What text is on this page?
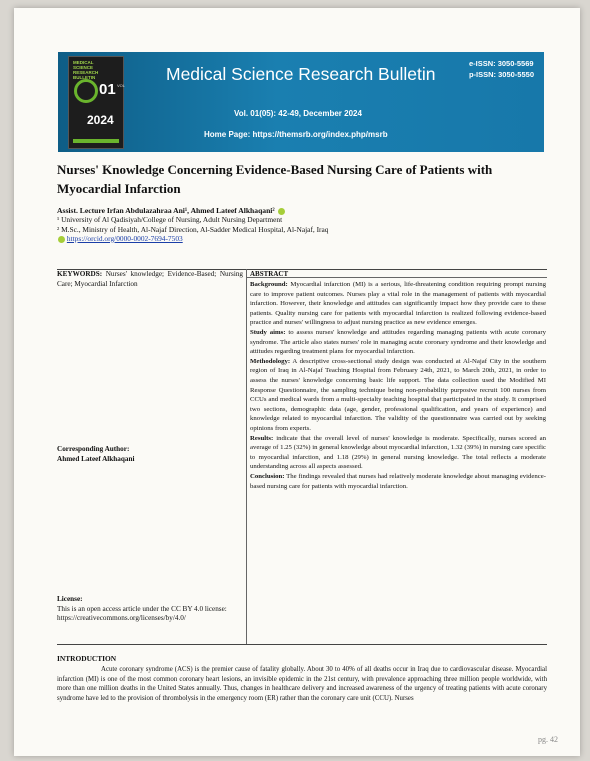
MEDICAL
SCIENCE
RESEARCH
BULLETIN
01 VOL
2024
Medical Science Research Bulletin
e-ISSN: 3050-5569
p-ISSN: 3050-5550
Vol. 01(05): 42-49, December 2024
Home Page: https://themsrb.org/index.php/msrb
Nurses' Knowledge Concerning Evidence-Based Nursing Care of Patients with Myocardial Infarction
Assist. Lecture Irfan Abdulazahraa Ani¹, Ahmed Lateef Alkhaqani²
¹ University of Al Qadisiyah/College of Nursing, Adult Nursing Department
² M.Sc., Ministry of Health, Al-Najaf Direction, Al-Sadder Medical Hospital, Al-Najaf, Iraq
https://orcid.org/0000-0002-7694-7503
KEYWORDS: Nurses' knowledge; Evidence-Based; Nursing Care; Myocardial Infarction
Corresponding Author:
Ahmed Lateef Alkhaqani
License:
This is an open access article under the CC BY 4.0 license:
https://creativecommons.org/licenses/by/4.0/
ABSTRACT

Background: Myocardial infarction (MI) is a serious, life-threatening condition requiring prompt nursing care to improve patient outcomes. Nurses play a vital role in the management of patients with myocardial infarction. However, their knowledge and attitudes can significantly impact how they provide care to these patients. Quality nursing care for patients with myocardial infarction is realized following evidence-based practice and nurses' willingness to adjust nursing practice as new evidence emerges.

Study aims: to assess nurses' knowledge and attitudes regarding managing patients with acute coronary syndrome. The article also states nurses' role in managing acute coronary syndrome and their knowledge and attitudes regarding treatment plans for myocardial infarction.

Methodology: A descriptive cross-sectional study design was conducted at Al-Najaf City in the southern region of Iraq in Al-Najaf Teaching Hospital from February 24th, 2021, to March 20th, 2021, in order to assess the nurses' knowledge concerning basic life support. The data collection used the Modified MI Response Questionnaire, the sampling technique being non-probability purposive recruit 100 nurses from CCUs and medical wards from a multi-specialty teaching hospital that participated in the study. It comprised two sections, demographic data (age, gender, professional qualification, and years of experience) and knowledge related to myocardial infarction. The validity of the questionnaire was carried out by seeking opinions from experts.

Results: indicate that the overall level of nurses' knowledge is moderate. Specifically, nurses scored an average of 1.25 (32%) in general knowledge about myocardial infarction, 1.32 (39%) in nursing care specific to myocardial infarction, and 1.18 (29%) in general nursing knowledge. The total reflects a moderate understanding across all aspects assessed.

Conclusion: The findings revealed that nurses had relatively moderate knowledge about managing evidence-based nursing care for patients with myocardial infarction.

INTRODUCTION

Acute coronary syndrome (ACS) is the premier cause of fatality globally. About 30 to 40% of all deaths occur in Iraq due to cardiovascular disease. Myocardial infarction (MI) is one of the most common coronary heart lesions, an invisible epidemic in the 21st century, with prevalence approaching three million people worldwide, with more than one million deaths in the United States annually. Thus, changes in healthcare delivery and increased awareness of the urgency of treating patients with acute coronary syndrome have led to the provision of thrombolysis in the emergency room (ER) rather than the coronary care unit (CCU). Nurses

pg. 42
